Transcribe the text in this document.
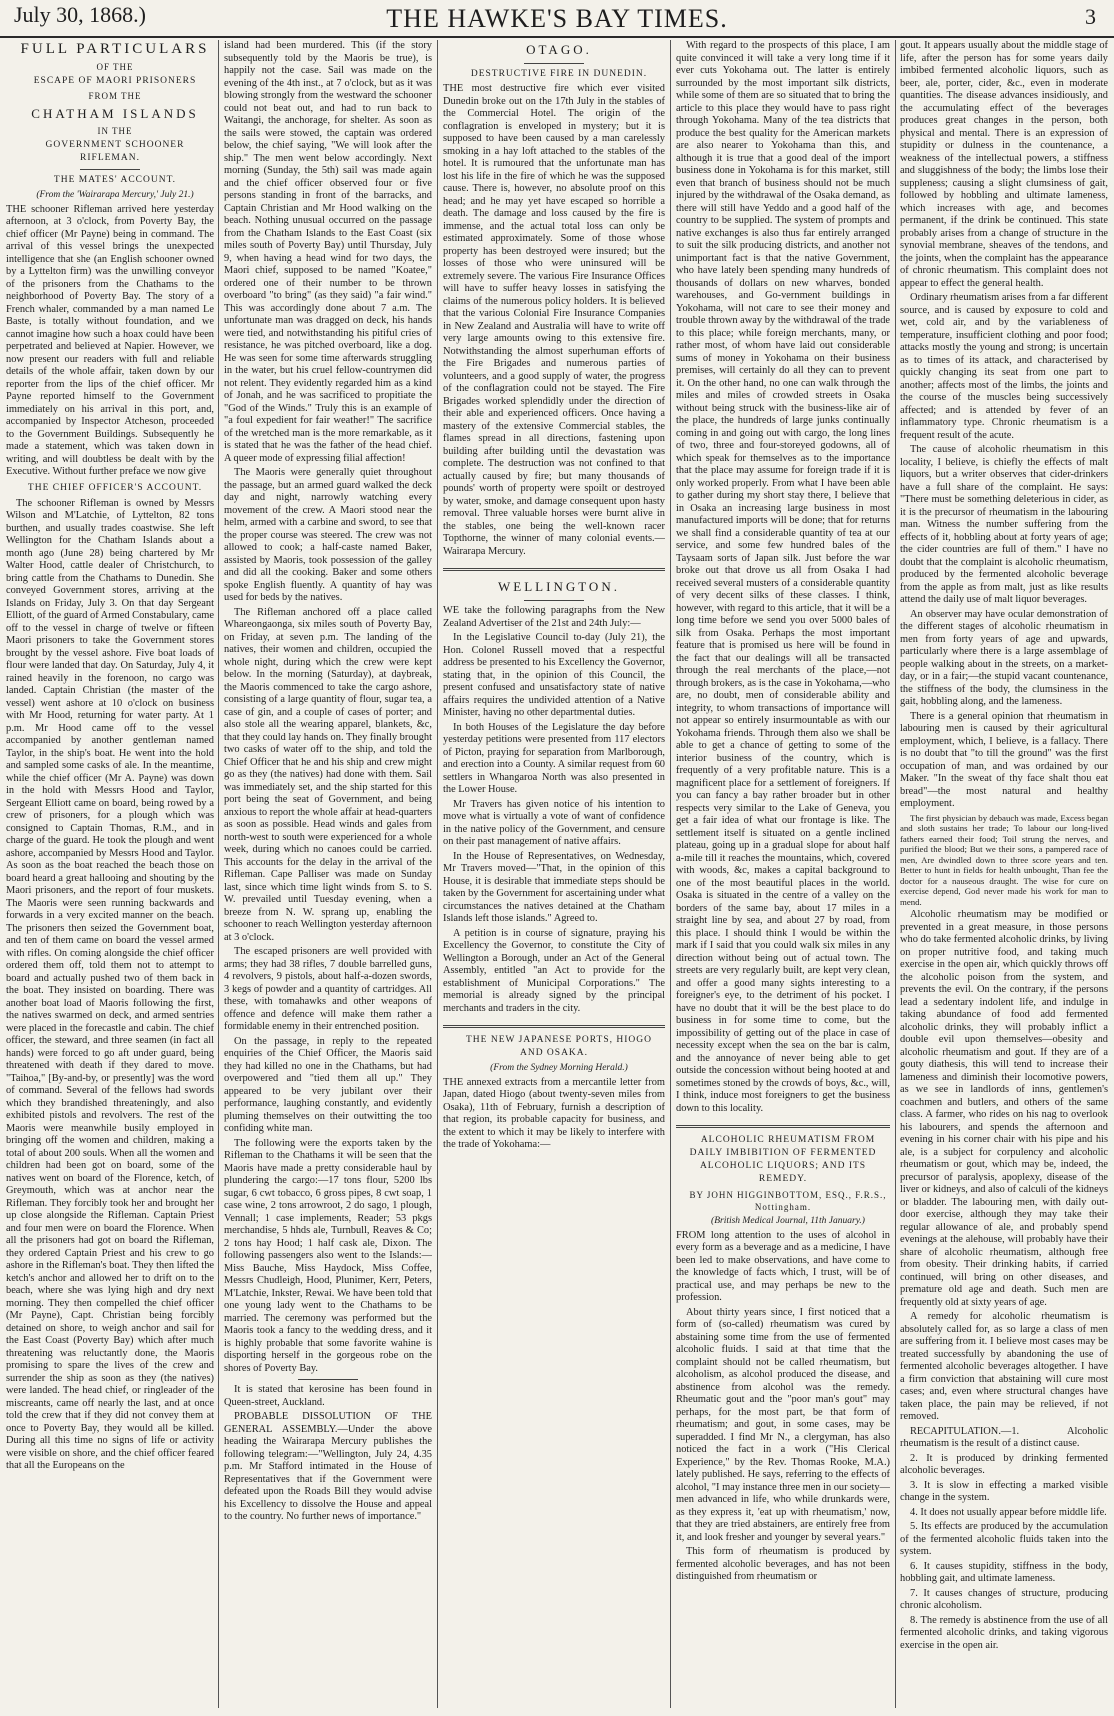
July 30, 1868.)	THE HAWKE'S BAY TIMES.	3

FULL PARTICULARS

OF THE

ESCAPE OF MAORI PRISONERS

FROM THE

CHATHAM ISLANDS

IN THE

GOVERNMENT SCHOONER RIFLEMAN.

THE MATES' ACCOUNT.

(From the 'Wairarapa Mercury,' July 21.)

THE schooner Rifleman arrived here yesterday afternoon, at 3 o'clock, from Poverty Bay, the chief officer (Mr Payne) being in command. The arrival of this vessel brings the unexpected intelligence that she (an English schooner owned by a Lyttelton firm) was the unwilling conveyor of the prisoners from the Chathams to the neighborhood of Poverty Bay. The story of a French whaler, commanded by a man named Le Baste, is totally without foundation, and we cannot imagine how such a hoax could have been perpetrated and believed at Napier. However, we now present our readers with full and reliable details of the whole affair, taken down by our reporter from the lips of the chief officer. Mr Payne reported himself to the Government immediately on his arrival in this port, and, accompanied by Inspector Atcheson, proceeded to the Government Buildings. Subsequently he made a statement, which was taken down in writing, and will doubtless be dealt with by the Executive. Without further preface we now give

THE CHIEF OFFICER'S ACCOUNT.

The schooner Rifleman is owned by Messrs Wilson and M'Latchie, of Lyttelton, 82 tons burthen, and usually trades coastwise. She left Wellington for the Chatham Islands about a month ago (June 28) being chartered by Mr Walter Hood, cattle dealer of Christchurch, to bring cattle from the Chathams to Dunedin. She conveyed Government stores, arriving at the Islands on Friday, July 3. On that day Sergeant Elliott, of the guard of Armed Constabulary, came off to the vessel in charge of twelve or fifteen Maori prisoners to take the Government stores brought by the vessel ashore. Five boat loads of flour were landed that day. On Saturday, July 4, it rained heavily in the forenoon, no cargo was landed. Captain Christian (the master of the vessel) went ashore at 10 o'clock on business with Mr Hood, returning for water party. At 1 p.m. Mr Hood came off to the vessel accompanied by another gentleman named Taylor, in the ship's boat. He went into the hold and sampled some casks of ale. In the meantime, while the chief officer (Mr A. Payne) was down in the hold with Messrs Hood and Taylor, Sergeant Elliott came on board, being rowed by a crew of prisoners, for a plough which was consigned to Captain Thomas, R.M., and in charge of the guard. He took the plough and went ashore, accompanied by Messrs Hood and Taylor. As soon as the boat reached the beach those on board heard a great hallooing and shouting by the Maori prisoners, and the report of four muskets. The Maoris were seen running backwards and forwards in a very excited manner on the beach. The prisoners then seized the Government boat, and ten of them came on board the vessel armed with rifles. On coming alongside the chief officer ordered them off, told them not to attempt to board and actually pushed two of them back in the boat. They insisted on boarding. There was another boat load of Maoris following the first, the natives swarmed on deck, and armed sentries were placed in the forecastle and cabin. The chief officer, the steward, and three seamen (in fact all hands) were forced to go aft under guard, being threatened with death if they dared to move. "Taihoa," [By-and-by, or presently] was the word of command. Several of the fellows had swords which they brandished threateningly, and also exhibited pistols and revolvers. The rest of the Maoris were meanwhile busily employed in bringing off the women and children, making a total of about 200 souls. When all the women and children had been got on board, some of the natives went on board of the Florence, ketch, of Greymouth, which was at anchor near the Rifleman. They forcibly took her and brought her up close alongside the Rifleman. Captain Priest and four men were on board the Florence. When all the prisoners had got on board the Rifleman, they ordered Captain Priest and his crew to go ashore in the Rifleman's boat. They then lifted the ketch's anchor and allowed her to drift on to the beach, where she was lying high and dry next morning. They then compelled the chief officer (Mr Payne), Capt. Christian being forcibly detained on shore, to weigh anchor and sail for the East Coast (Poverty Bay) which after much threatening was reluctantly done, the Maoris promising to spare the lives of the crew and surrender the ship as soon as they (the natives) were landed. The head chief, or ringleader of the miscreants, came off nearly the last, and at once told the crew that if they did not convey them at once to Poverty Bay, they would all be killed. During all this time no signs of life or activity were visible on shore, and the chief officer feared that all the Europeans on the

island had been murdered. This (if the story subsequently told by the Maoris be true), is happily not the case. Sail was made on the evening of the 4th inst., at 7 o'clock, but as it was blowing strongly from the westward the schooner could not beat out, and had to run back to Waitangi, the anchorage, for shelter. As soon as the sails were stowed, the captain was ordered below, the chief saying, "We will look after the ship." The men went below accordingly. Next morning (Sunday, the 5th) sail was made again and the chief officer observed four or five persons standing in front of the barracks, and Captain Christian and Mr Hood walking on the beach. Nothing unusual occurred on the passage from the Chatham Islands to the East Coast (six miles south of Poverty Bay) until Thursday, July 9, when having a head wind for two days, the Maori chief, supposed to be named "Koatee," ordered one of their number to be thrown overboard "to bring" (as they said) "a fair wind." This was accordingly done about 7 a.m. The unfortunate man was dragged on deck, his hands were tied, and notwithstanding his pitiful cries of resistance, he was pitched overboard, like a dog. He was seen for some time afterwards struggling in the water, but his cruel fellow-countrymen did not relent. They evidently regarded him as a kind of Jonah, and he was sacrificed to propitiate the "God of the Winds." Truly this is an example of "a foul expedient for fair weather!" The sacrifice of the wretched man is the more remarkable, as it is stated that he was the father of the head chief. A queer mode of expressing filial affection!

The Maoris were generally quiet throughout the passage, but an armed guard walked the deck day and night, narrowly watching every movement of the crew. A Maori stood near the helm, armed with a carbine and sword, to see that the proper course was steered. The crew was not allowed to cook; a half-caste named Baker, assisted by Maoris, took possession of the galley and did all the cooking. Baker and some others spoke English fluently. A quantity of hay was used for beds by the natives.

The Rifleman anchored off a place called Whareongaonga, six miles south of Poverty Bay, on Friday, at seven p.m. The landing of the natives, their women and children, occupied the whole night, during which the crew were kept below. In the morning (Saturday), at daybreak, the Maoris commenced to take the cargo ashore, consisting of a large quantity of flour, sugar tea, a case of gin, and a couple of cases of porter; and also stole all the wearing apparel, blankets, &c, that they could lay hands on. They finally brought two casks of water off to the ship, and told the Chief Officer that he and his ship and crew might go as they (the natives) had done with them. Sail was immediately set, and the ship started for this port being the seat of Government, and being anxious to report the whole affair at head-quarters as soon as possible. Head winds and gales from north-west to south were experienced for a whole week, during which no canoes could be carried. This accounts for the delay in the arrival of the Rifleman. Cape Palliser was made on Sunday last, since which time light winds from S. to S. W. prevailed until Tuesday evening, when a breeze from N. W. sprang up, enabling the schooner to reach Wellington yesterday afternoon at 3 o'clock.

The escaped prisoners are well provided with arms; they had 38 rifles, 7 double barrelled guns, 4 revolvers, 9 pistols, about half-a-dozen swords, 3 kegs of powder and a quantity of cartridges. All these, with tomahawks and other weapons of offence and defence will make them rather a formidable enemy in their entrenched position.

On the passage, in reply to the repeated enquiries of the Chief Officer, the Maoris said they had killed no one in the Chathams, but had overpowered and "tied them all up." They appeared to be very jubilant over their performance, laughing constantly, and evidently pluming themselves on their outwitting the too confiding white man.

The following were the exports taken by the Rifleman to the Chathams it will be seen that the Maoris have made a pretty considerable haul by plundering the cargo:—17 tons flour, 5200 lbs sugar, 6 cwt tobacco, 6 gross pipes, 8 cwt soap, 1 case wine, 2 tons arrowroot, 2 do sago, 1 plough, Vennall; 1 case implements, Reader; 53 pkgs merchandise, 5 hhds ale, Turnbull, Reaves & Co; 2 tons hay Hood; 1 half cask ale, Dixon. The following passengers also went to the Islands:—Miss Bauche, Miss Haydock, Miss Coffee, Messrs Chudleigh, Hood, Plunimer, Kerr, Peters, M'Latchie, Inkster, Rewai. We have been told that one young lady went to the Chathams to be married. The ceremony was performed but the Maoris took a fancy to the wedding dress, and it is highly probable that some favorite wahine is disporting herself in the gorgeous robe on the shores of Poverty Bay.

It is stated that kerosine has been found in Queen-street, Auckland.

PROBABLE DISSOLUTION OF THE GENERAL ASSEMBLY.—Under the above heading the Wairarapa Mercury publishes the following telegram:—"Wellington, July 24, 4.35 p.m. Mr Stafford intimated in the House of Representatives that if the Government were defeated upon the Roads Bill they would advise his Excellency to dissolve the House and appeal to the country. No further news of importance."

OTAGO.

DESTRUCTIVE FIRE IN DUNEDIN.

THE most destructive fire which ever visited Dunedin broke out on the 17th July in the stables of the Commercial Hotel. The origin of the conflagration is enveloped in mystery; but it is supposed to have been caused by a man carelessly smoking in a hay loft attached to the stables of the hotel. It is rumoured that the unfortunate man has lost his life in the fire of which he was the supposed cause. There is, however, no absolute proof on this head; and he may yet have escaped so horrible a death. The damage and loss caused by the fire is immense, and the actual total loss can only be estimated approximately. Some of those whose property has been destroyed were insured; but the losses of those who were uninsured will be extremely severe. The various Fire Insurance Offices will have to suffer heavy losses in satisfying the claims of the numerous policy holders. It is believed that the various Colonial Fire Insurance Companies in New Zealand and Australia will have to write off very large amounts owing to this extensive fire. Notwithstanding the almost superhuman efforts of the Fire Brigades and numerous parties of volunteers, and a good supply of water, the progress of the conflagration could not be stayed. The Fire Brigades worked splendidly under the direction of their able and experienced officers. Once having a mastery of the extensive Commercial stables, the flames spread in all directions, fastening upon building after building until the devastation was complete. The destruction was not confined to that actually caused by fire; but many thousands of pounds' worth of property were spoilt or destroyed by water, smoke, and damage consequent upon hasty removal. Three valuable horses were burnt alive in the stables, one being the well-known racer Topthorne, the winner of many colonial events.—Wairarapa Mercury.

WELLINGTON.

WE take the following paragraphs from the New Zealand Advertiser of the 21st and 24th July:—

In the Legislative Council to-day (July 21), the Hon. Colonel Russell moved that a respectful address be presented to his Excellency the Governor, stating that, in the opinion of this Council, the present confused and unsatisfactory state of native affairs requires the undivided attention of a Native Minister, having no other departmental duties.

In both Houses of the Legislature the day before yesterday petitions were presented from 117 electors of Picton, praying for separation from Marlborough, and erection into a County. A similar request from 60 settlers in Whangaroa North was also presented in the Lower House.

Mr Travers has given notice of his intention to move what is virtually a vote of want of confidence in the native policy of the Government, and censure on their past management of native affairs.

In the House of Representatives, on Wednesday, Mr Travers moved—"That, in the opinion of this House, it is desirable that immediate steps should be taken by the Government for ascertaining under what circumstances the natives detained at the Chatham Islands left those islands." Agreed to.

A petition is in course of signature, praying his Excellency the Governor, to constitute the City of Wellington a Borough, under an Act of the General Assembly, entitled "an Act to provide for the establishment of Municipal Corporations." The memorial is already signed by the principal merchants and traders in the city.

THE NEW JAPANESE PORTS, HIOGO AND OSAKA.

(From the Sydney Morning Herald.)

THE annexed extracts from a mercantile letter from Japan, dated Hiogo (about twenty-seven miles from Osaka), 11th of February, furnish a description of that region, its probable capacity for business, and the extent to which it may be likely to interfere with the trade of Yokohama:—

With regard to the prospects of this place, I am quite convinced it will take a very long time if it ever cuts Yokohama out. The latter is entirely surrounded by the most important silk districts, while some of them are so situated that to bring the article to this place they would have to pass right through Yokohama. Many of the tea districts that produce the best quality for the American markets are also nearer to Yokohama than this, and although it is true that a good deal of the import business done in Yokohama is for this market, still even that branch of business should not be much injured by the withdrawal of the Osaka demand, as there will still have Yeddo and a good half of the country to be supplied. The system of prompts and native exchanges is also thus far entirely arranged to suit the silk producing districts, and another not unimportant fact is that the native Government, who have lately been spending many hundreds of thousands of dollars on new wharves, bonded warehouses, and Go-vernment buildings in Yokohama, will not care to see their money and trouble thrown away by the withdrawal of the trade to this place; while foreign merchants, many, or rather most, of whom have laid out considerable sums of money in Yokohama on their business premises, will certainly do all they can to prevent it. On the other hand, no one can walk through the miles and miles of crowded streets in Osaka without being struck with the business-like air of the place, the hundreds of large junks continually coming in and going out with cargo, the long lines of two, three and four-storeyed godowns, all of which speak for themselves as to the importance that the place may assume for foreign trade if it is only worked properly. From what I have been able to gather during my short stay there, I believe that in Osaka an increasing large business in most manufactured imports will be done; that for returns we shall find a considerable quantity of tea at our service, and some few hundred bales of the Taysaam sorts of Japan silk. Just before the war broke out that drove us all from Osaka I had received several musters of a considerable quantity of very decent silks of these classes. I think, however, with regard to this article, that it will be a long time before we send you over 5000 bales of silk from Osaka. Perhaps the most important feature that is promised us here will be found in the fact that our dealings will all be transacted through the real merchants of the place,—not through brokers, as is the case in Yokohama,—who are, no doubt, men of considerable ability and integrity, to whom transactions of importance will not appear so entirely insurmountable as with our Yokohama friends. Through them also we shall be able to get a chance of getting to some of the interior business of the country, which is frequently of a very profitable nature. This is a magnificent place for a settlement of foreigners. If you can fancy a bay rather broader but in other respects very similar to the Lake of Geneva, you get a fair idea of what our frontage is like. The settlement itself is situated on a gentle inclined plateau, going up in a gradual slope for about half a-mile till it reaches the mountains, which, covered with woods, &c, makes a capital background to one of the most beautiful places in the world. Osaka is situated in the centre of a valley on the borders of the same bay, about 17 miles in a straight line by sea, and about 27 by road, from this place. I should think I would be within the mark if I said that you could walk six miles in any direction without being out of actual town. The streets are very regularly built, are kept very clean, and offer a good many sights interesting to a foreigner's eye, to the detriment of his pocket. I have no doubt that it will be the best place to do business in for some time to come, but the impossibility of getting out of the place in case of necessity except when the sea on the bar is calm, and the annoyance of never being able to get outside the concession without being hooted at and sometimes stoned by the crowds of boys, &c., will, I think, induce most foreigners to get the business down to this locality.

ALCOHOLIC RHEUMATISM FROM DAILY IMBIBITION OF FERMENTED ALCOHOLIC LIQUORS; AND ITS REMEDY.

BY JOHN HIGGINBOTTOM, ESQ., F.R.S., Nottingham.

(British Medical Journal, 11th January.)

FROM long attention to the uses of alcohol in every form as a beverage and as a medicine, I have been led to make observations, and have come to the knowledge of facts which, I trust, will be of practical use, and may perhaps be new to the profession.

About thirty years since, I first noticed that a form of (so-called) rheumatism was cured by abstaining some time from the use of fermented alcoholic fluids. I said at that time that the complaint should not be called rheumatism, but alcoholism, as alcohol produced the disease, and abstinence from alcohol was the remedy. Rheumatic gout and the "poor man's gout" may perhaps, for the most part, be that form of rheumatism; and gout, in some cases, may be superadded. I find Mr N., a clergyman, has also noticed the fact in a work ("His Clerical Experience," by the Rev. Thomas Rooke, M.A.) lately published. He says, referring to the effects of alcohol, "I may instance three men in our society—men advanced in life, who while drunkards were, as they express it, 'eat up with rheumatism,' now, that they are tried abstainers, are entirely free from it, and look fresher and younger by several years."

This form of rheumatism is produced by fermented alcoholic beverages, and has not been distinguished from rheumatism or

gout. It appears usually about the middle stage of life, after the person has for some years daily imbibed fermented alcoholic liquors, such as beer, ale, porter, cider, &c., even in moderate quantities. The disease advances insidiously, and the accumulating effect of the beverages produces great changes in the person, both physical and mental. There is an expression of stupidity or dulness in the countenance, a weakness of the intellectual powers, a stiffness and sluggishness of the body; the limbs lose their suppleness; causing a slight clumsiness of gait, followed by hobbling and ultimate lameness, which increases with age, and becomes permanent, if the drink be continued. This state probably arises from a change of structure in the synovial membrane, sheaves of the tendons, and the joints, when the complaint has the appearance of chronic rheumatism. This complaint does not appear to effect the general health.

Ordinary rheumatism arises from a far different source, and is caused by exposure to cold and wet, cold air, and by the variableness of temperature, insufficient clothing and poor food; attacks mostly the young and strong; is uncertain as to times of its attack, and characterised by quickly changing its seat from one part to another; affects most of the limbs, the joints and the course of the muscles being successively affected; and is attended by fever of an inflammatory type. Chronic rheumatism is a frequent result of the acute.

The cause of alcoholic rheumatism in this locality, I believe, is chiefly the effects of malt liquors, but a writer observes that cider-drinkers have a full share of the complaint. He says: "There must be something deleterious in cider, as it is the precursor of rheumatism in the labouring man. Witness the number suffering from the effects of it, hobbling about at forty years of age; the cider countries are full of them." I have no doubt that the complaint is alcoholic rheumatism, produced by the fermented alcoholic beverage from the apple as from malt, just as like results attend the daily use of malt liquor beverages.

An observer may have ocular demonstration of the different stages of alcoholic rheumatism in men from forty years of age and upwards, particularly where there is a large assemblage of people walking about in the streets, on a market-day, or in a fair;—the stupid vacant countenance, the stiffness of the body, the clumsiness in the gait, hobbling along, and the lameness.

There is a general opinion that rheumatism in labouring men is caused by their agricultural employment, which, I believe, is a fallacy. There is no doubt that "to till the ground" was the first occupation of man, and was ordained by our Maker. "In the sweat of thy face shalt thou eat bread"—the most natural and healthy employment.

The first physician by debauch was made, Excess began and sloth sustains her trade; To labour our long-lived fathers earned their food; Toil strung the nerves, and purified the blood; But we their sons, a pampered race of men, Are dwindled down to three score years and ten. Better to hunt in fields for health unbought, Than fee the doctor for a nauseous draught. The wise for cure on exercise depend, God never made his work for man to mend.

Alcoholic rheumatism may be modified or prevented in a great measure, in those persons who do take fermented alcoholic drinks, by living on proper nutritive food, and taking much exercise in the open air, which quickly throws off the alcoholic poison from the system, and prevents the evil. On the contrary, if the persons lead a sedentary indolent life, and indulge in taking abundance of food add fermented alcoholic drinks, they will probably inflict a double evil upon themselves—obesity and alcoholic rheumatism and gout. If they are of a gouty diathesis, this will tend to increase their lameness and diminish their locomotive powers, as we see in landlords of inns, gentlemen's coachmen and butlers, and others of the same class. A farmer, who rides on his nag to overlook his labourers, and spends the afternoon and evening in his corner chair with his pipe and his ale, is a subject for corpulency and alcoholic rheumatism or gout, which may be, indeed, the precursor of paralysis, apoplexy, disease of the liver or kidneys, and also of calculi of the kidneys or bladder. The labouring men, with daily out-door exercise, although they may take their regular allowance of ale, and probably spend evenings at the alehouse, will probably have their share of alcoholic rheumatism, although free from obesity. Their drinking habits, if carried continued, will bring on other diseases, and premature old age and death. Such men are frequently old at sixty years of age.

A remedy for alcoholic rheumatism is absolutely called for, as so large a class of men are suffering from it. I believe most cases may be treated successfully by abandoning the use of fermented alcoholic beverages altogether. I have a firm conviction that abstaining will cure most cases; and, even where structural changes have taken place, the pain may be relieved, if not removed.

RECAPITULATION.—1. Alcoholic rheumatism is the result of a distinct cause.

2. It is produced by drinking fermented alcoholic beverages.

3. It is slow in effecting a marked visible change in the system.

4. It does not usually appear before middle life.

5. Its effects are produced by the accumulation of the fermented alcoholic fluids taken into the system.

6. It causes stupidity, stiffness in the body, hobbling gait, and ultimate lameness.

7. It causes changes of structure, producing chronic alcoholism.

8. The remedy is abstinence from the use of all fermented alcoholic drinks, and taking vigorous exercise in the open air.
